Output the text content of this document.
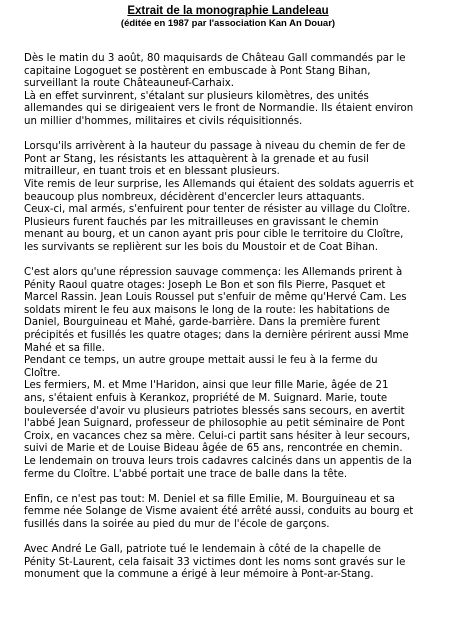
Extrait de la monographie Landeleau
(éditée en 1987 par l'association Kan An Douar)
Dès le matin du 3 août, 80 maquisards de Château Gall commandés par le
capitaine Logoguet se postèrent en embuscade à Pont Stang Bihan,
surveillant la route Châteauneuf-Carhaix.
Là en effet survinrent, s'étalant sur plusieurs kilomètres, des unités
allemandes qui se dirigeaient vers le front de Normandie. Ils étaient environ
un millier d'hommes, militaires et civils réquisitionnés.
Lorsqu'ils arrivèrent à la hauteur du passage à niveau du chemin de fer de
Pont ar Stang, les résistants les attaquèrent à la grenade et au fusil
mitrailleur, en tuant trois et en blessant plusieurs.
Vite remis de leur surprise, les Allemands qui étaient des soldats aguerris et
beaucoup plus nombreux, décidèrent d'encercler leurs attaquants.
Ceux-ci, mal armés, s'enfuirent pour tenter de résister au village du Cloître.
Plusieurs furent fauchés par les mitrailleuses en gravissant le chemin
menant au bourg, et un canon ayant pris pour cible le territoire du Cloître,
les survivants se replièrent sur les bois du Moustoir et de Coat Bihan.
C'est alors qu'une répression sauvage commença: les Allemands prirent à
Pénity Raoul quatre otages: Joseph Le Bon et son fils Pierre, Pasquet et
Marcel Rassin. Jean Louis Roussel put s'enfuir de même qu'Hervé Cam. Les
soldats mirent le feu aux maisons le long de la route: les habitations de
Daniel, Bourguineau et Mahé, garde-barrière. Dans la première furent
précipités et fusillés les quatre otages; dans la dernière périrent aussi Mme
Mahé et sa fille.
Pendant ce temps, un autre groupe mettait aussi le feu à la ferme du
Cloître.
Les fermiers, M. et Mme l'Haridon, ainsi que leur fille Marie, âgée de 21
ans, s'étaient enfuis à Kerankoz, propriété de M. Suignard. Marie, toute
bouleversée d'avoir vu plusieurs patriotes blessés sans secours, en avertit
l'abbé Jean Suignard, professeur de philosophie au petit séminaire de Pont
Croix, en vacances chez sa mère. Celui-ci partit sans hésiter à leur secours,
suivi de Marie et de Louise Bideau âgée de 65 ans, rencontrée en chemin.
Le lendemain on trouva leurs trois cadavres calcinés dans un appentis de la
ferme du Cloître. L'abbé portait une trace de balle dans la tête.
Enfin, ce n'est pas tout: M. Deniel et sa fille Emilie, M. Bourguineau et sa
femme née Solange de Visme avaient été arrêté aussi, conduits au bourg et
fusillés dans la soirée au pied du mur de l'école de garçons.
Avec André Le Gall, patriote tué le lendemain à côté de la chapelle de
Pénity St-Laurent, cela faisait 33 victimes dont les noms sont gravés sur le
monument que la commune a érigé à leur mémoire à Pont-ar-Stang.
